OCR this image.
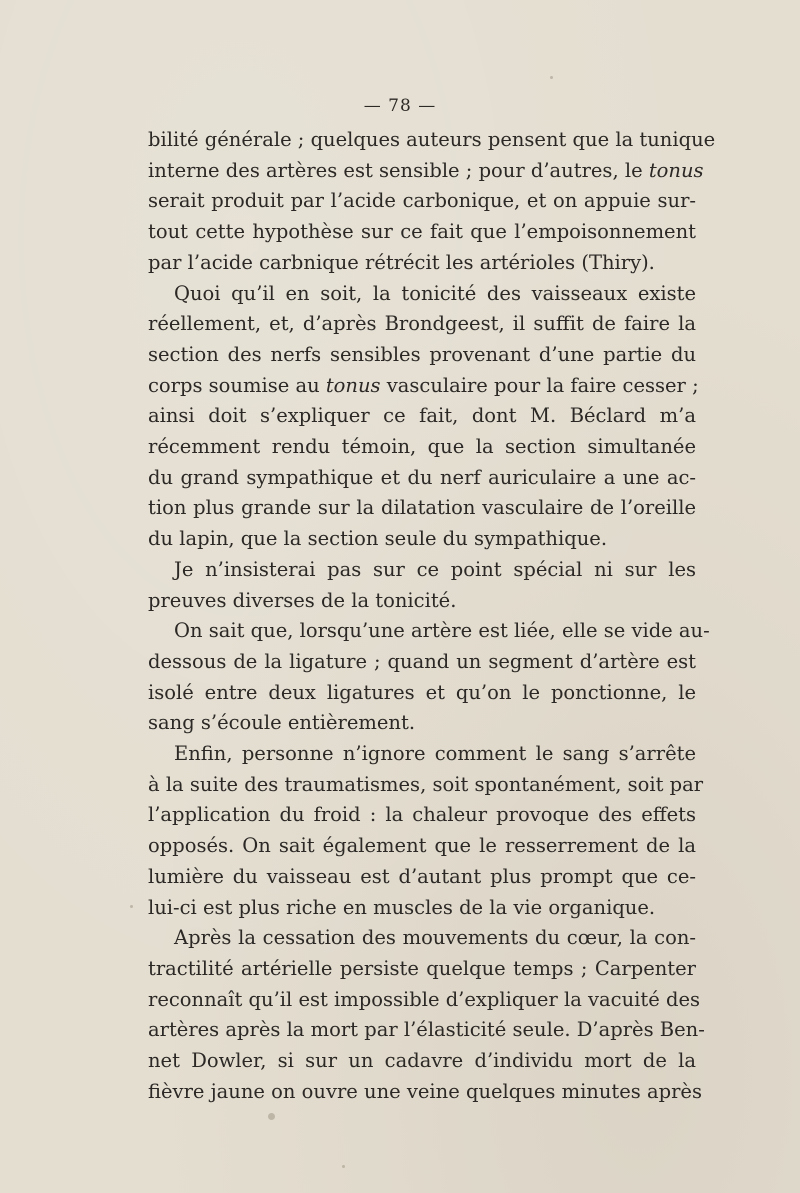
— 78 —

bilité générale ; quelques auteurs pensent que la tunique

interne des artères est sensible ; pour d’autres, le tonus

serait produit par l’acide carbonique, et on appuie sur-

tout cette hypothèse sur ce fait que l’empoisonnement

par l’acide carbnique rétrécit les artérioles (Thiry).

Quoi qu’il en soit, la tonicité des vaisseaux existe

réellement, et, d’après Brondgeest, il suffit de faire la

section des nerfs sensibles provenant d’une partie du

corps soumise au tonus vasculaire pour la faire cesser ;

ainsi doit s’expliquer ce fait, dont M. Béclard m’a

récemment rendu témoin, que la section simultanée

du grand sympathique et du nerf auriculaire a une ac-

tion plus grande sur la dilatation vasculaire de l’oreille

du lapin, que la section seule du sympathique.

Je n’insisterai pas sur ce point spécial ni sur les

preuves diverses de la tonicité.

On sait que, lorsqu’une artère est liée, elle se vide au-

dessous de la ligature ; quand un segment d’artère est

isolé entre deux ligatures et qu’on le ponctionne, le

sang s’écoule entièrement.

Enfin, personne n’ignore comment le sang s’arrête

à la suite des traumatismes, soit spontanément, soit par

l’application du froid : la chaleur provoque des effets

opposés. On sait également que le resserrement de la

lumière du vaisseau est d’autant plus prompt que ce-

lui-ci est plus riche en muscles de la vie organique.

Après la cessation des mouvements du cœur, la con-

tractilité artérielle persiste quelque temps ; Carpenter

reconnaît qu’il est impossible d’expliquer la vacuité des

artères après la mort par l’élasticité seule. D’après Ben-

net Dowler, si sur un cadavre d’individu mort de la

fièvre jaune on ouvre une veine quelques minutes après
